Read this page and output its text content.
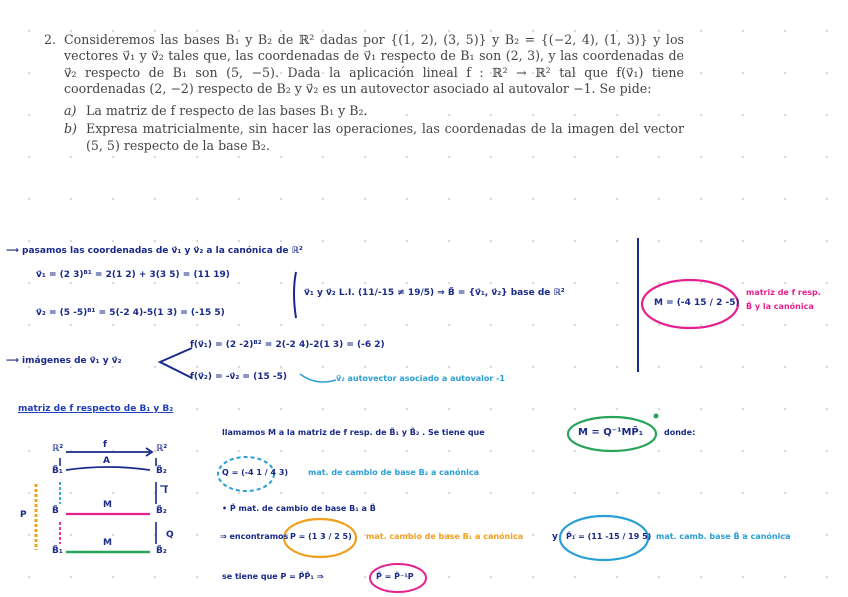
2. Consideremos las bases B₁ y B₂ de ℝ² dadas por {(1, 2), (3, 5)} y B₂ = {(−2, 4), (1, 3)} y los vectores v⃗₁ y v⃗₂ tales que, las coordenadas de v⃗₁ respecto de B₁ son (2, 3), y las coordenadas de v⃗₂ respecto de B₁ son (5, −5). Dada la aplicación lineal f : ℝ² → ℝ² tal que f(v⃗₁) tiene coordenadas (2, −2) respecto de B₂ y v⃗₂ es un autovector asociado al autovalor −1. Se pide:
a) La matriz de f respecto de las bases B₁ y B₂.
b) Expresa matricialmente, sin hacer las operaciones, las coordenadas de la imagen del vector (5, 5) respecto de la base B₂.
⟶ pasamos las coordenadas de v⃗₁ y v⃗₂ a la canónica de ℝ²
v⃗₁ = (2 3)ᴮ¹ = 2(1 2) + 3(3 5) = (11 19)
v⃗₂ = (5 -5)ᴮ¹ = 5(-2 4)-5(1 3) = (-15 5)
v⃗₁ y v⃗₂ L.I. (11/-15 ≠ 19/5) ⇒ B̃ = {v⃗₁, v⃗₂} base de ℝ²
M = (-4 15 / 2 -5)
matriz de f resp. B̃ y la canónica
f(v⃗₁) = (2 -2)ᴮ² = 2(-2 4)-2(1 3) = (-6 2)
f(v⃗₂) = -v⃗₂ = (15 -5)	v⃗₂ autovector asociado a autovalor -1
⟶ imágenes de v⃗₁ y v⃗₂
matriz de f respecto de B₁ y B₂
ℝ²	f	ℝ²
B̃₁
A
B̃₂
B̃
M
B̃₂
B̃₁
M
B̃₂
P
I
Q
llamamos M a la matriz de f resp. de B̃₁ y B̃₂ . Se tiene que	M = Q⁻¹MP̃₁	donde:
Q = (-4 1 / 4 3) mat. de cambio de base B₂ a canónica
• P̃ mat. de cambio de base B₁ a B̃
⇒ encontramos P = (1 3 / 2 5) mat. cambio de base B₁ a canónica	y P̃₁ = (11 -15 / 19 5) mat. camb. base B̃ a canónica
se tiene que P = P̃P̃₁ ⇒	P̃ = P̃⁻¹P
